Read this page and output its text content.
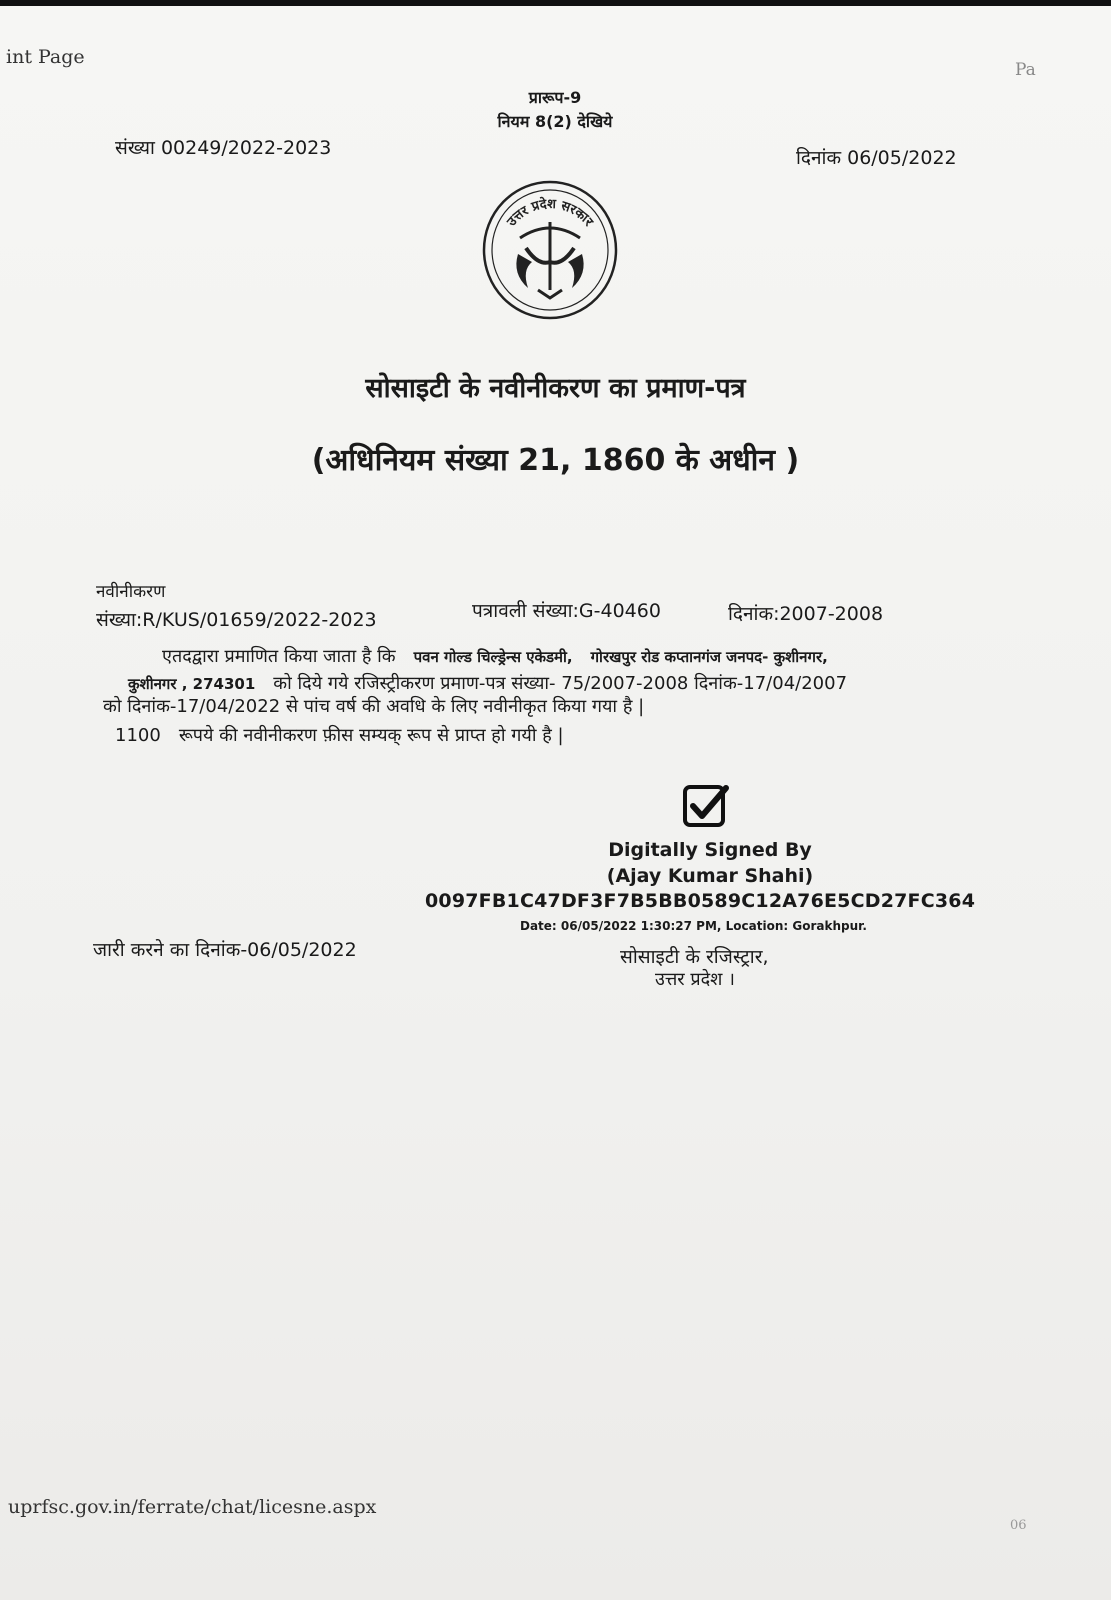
int Page
Pa
प्रारूप-9
नियम 8(2) देखिये
संख्या 00249/2022-2023	दिनांक 06/05/2022
उत्तर प्रदेश सरकार
सोसाइटी के नवीनीकरण का प्रमाण-पत्र
(अधिनियम संख्या 21, 1860 के अधीन )
नवीनीकरण
संख्या:R/KUS/01659/2022-2023	पत्रावली संख्या:G-40460	दिनांक:2007-2008
एतदद्वारा प्रमाणित किया जाता है कि पवन गोल्ड चिल्ड्रेन्स एकेडमी, गोरखपुर रोड कप्तानगंज जनपद- कुशीनगर,
कुशीनगर , 274301 को दिये गये रजिस्ट्रीकरण प्रमाण-पत्र संख्या- 75/2007-2008 दिनांक-17/04/2007
को दिनांक-17/04/2022 से पांच वर्ष की अवधि के लिए नवीनीकृत किया गया है |
1100 रूपये की नवीनीकरण फ़ीस सम्यक् रूप से प्राप्त हो गयी है |
Digitally Signed By
(Ajay Kumar Shahi)
0097FB1C47DF3F7B5BB0589C12A76E5CD27FC364
Date: 06/05/2022 1:30:27 PM, Location: Gorakhpur.
जारी करने का दिनांक-06/05/2022	सोसाइटी के रजिस्ट्रार,
उत्तर प्रदेश ।
uprfsc.gov.in/ferrate/chat/licesne.aspx
06
